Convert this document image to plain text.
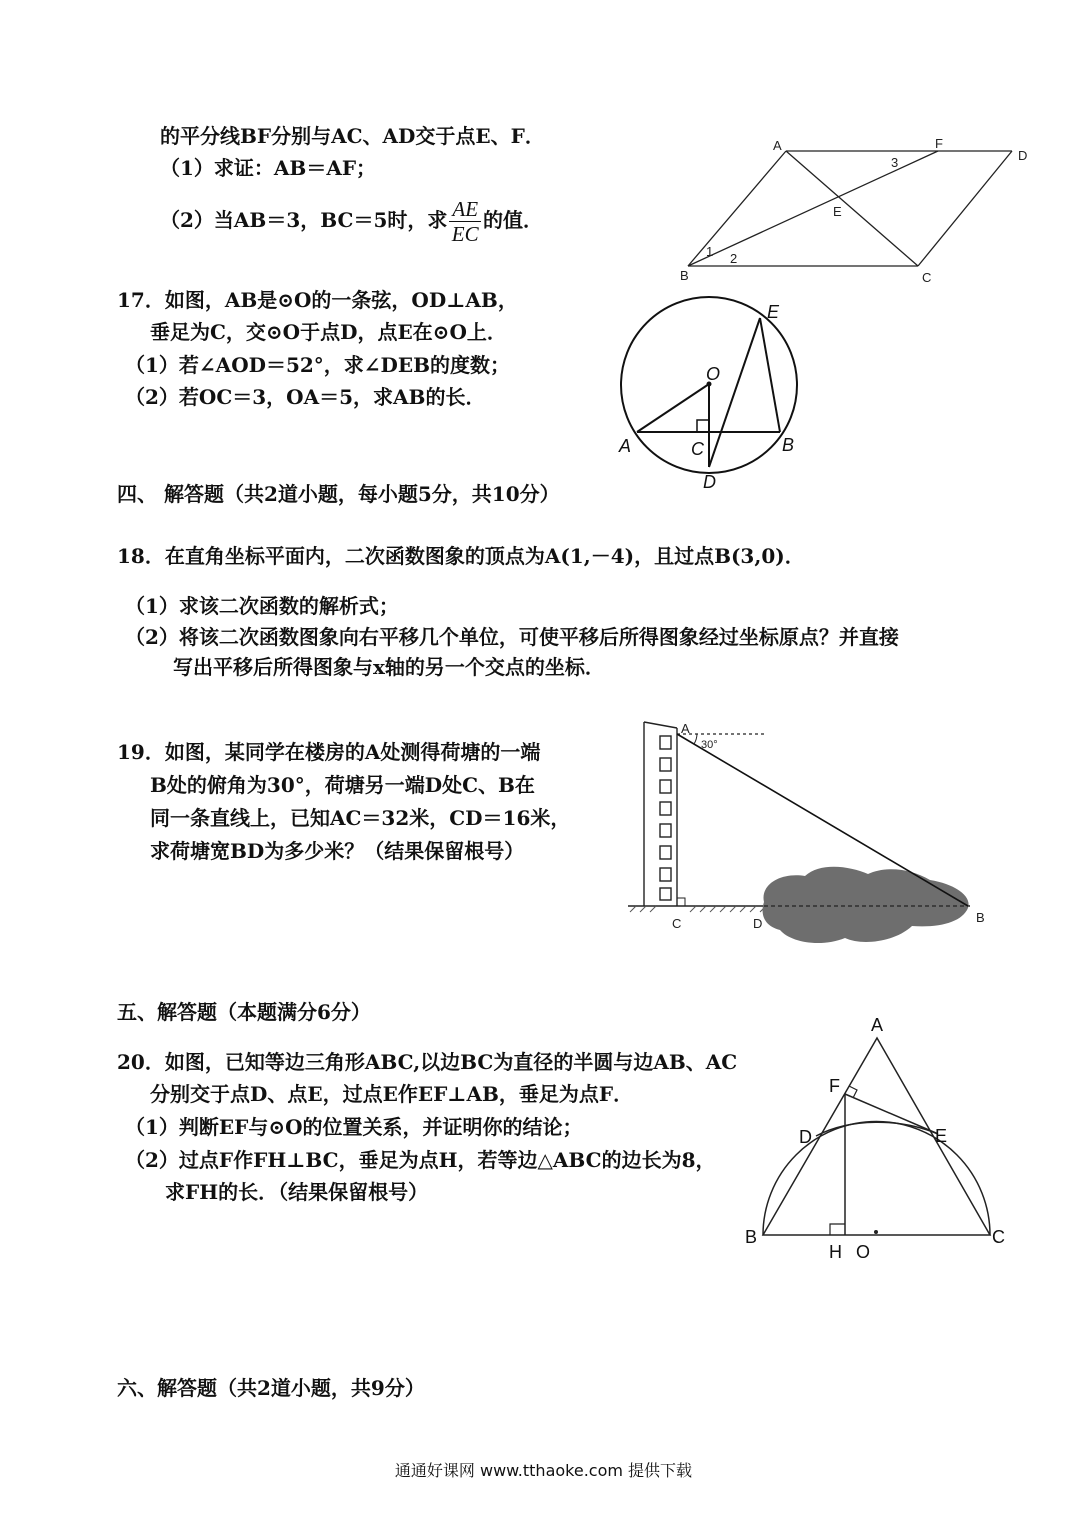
的平分线BF分别与AC、AD交于点E、F．
（1）求证：AB＝AF；
（2）当AB＝3，BC＝5时，求 $\frac{AE}{EC}$ 的值．
A	F
D
E
B	C
1 2
3
17．如图，AB是⊙O的一条弦，OD⊥AB，
垂足为C，交⊙O于点D，点E在⊙O上．
（1）若∠AOD＝52°，求∠DEB的度数；
（2）若OC＝3，OA＝5，求AB的长．
E
O
A	C	B
D
四、 解答题（共2道小题，每小题5分，共10分）
18．在直角坐标平面内，二次函数图象的顶点为A(1,－4)，且过点B(3,0)．
（1）求该二次函数的解析式；
（2）将该二次函数图象向右平移几个单位，可使平移后所得图象经过坐标原点？并直接
写出平移后所得图象与x轴的另一个交点的坐标．
19．如图，某同学在楼房的A处测得荷塘的一端
B处的俯角为30°，荷塘另一端D处C、B在
同一条直线上，已知AC＝32米，CD＝16米，
求荷塘宽BD为多少米？（结果保留根号）
A
30°
C	D	B
五、解答题（本题满分6分）
20．如图，已知等边三角形ABC,以边BC为直径的半圆与边AB、AC
分别交于点D、点E，过点E作EF⊥AB，垂足为点F．
（1）判断EF与⊙O的位置关系，并证明你的结论；
（2）过点F作FH⊥BC，垂足为点H，若等边△ABC的边长为8，
求FH的长．（结果保留根号）
A
F
D	E
B
H O
C
六、解答题（共2道小题，共9分）
通通好课网 www.tthaoke.com 提供下载
